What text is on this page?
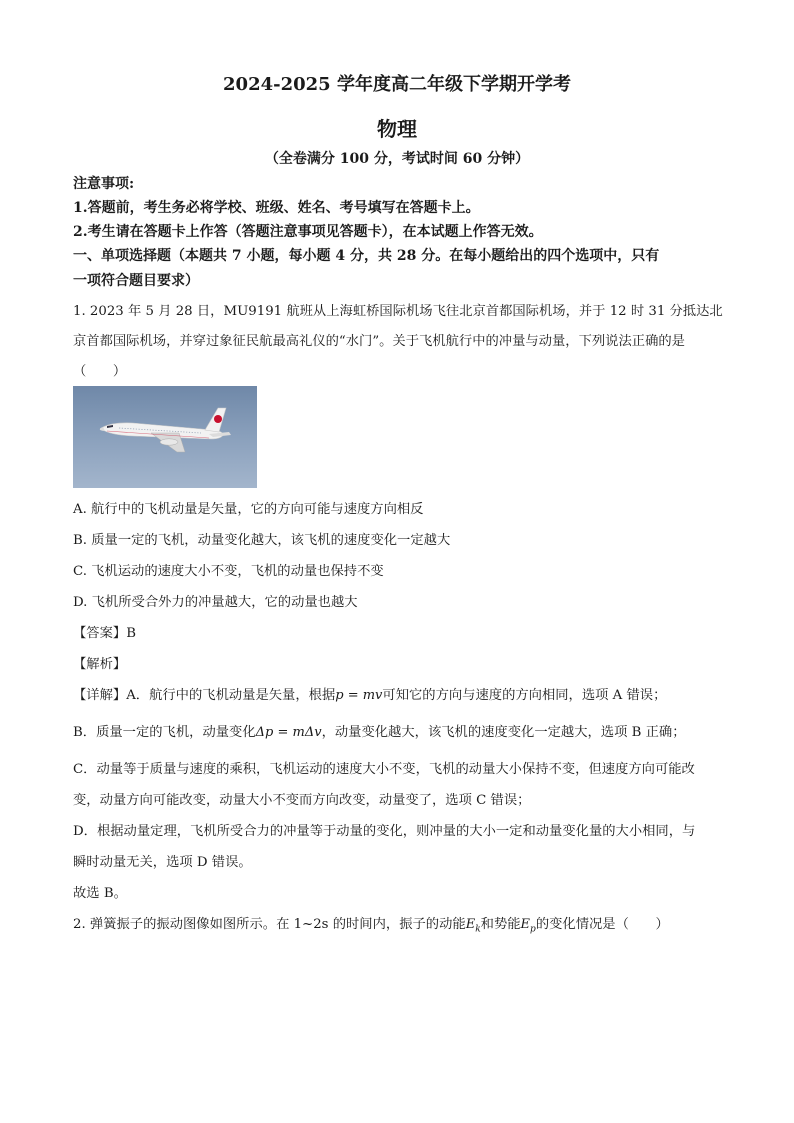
2024-2025 学年度高二年级下学期开学考
物理
（全卷满分 100 分，考试时间 60 分钟）
注意事项:
1.答题前，考生务必将学校、班级、姓名、考号填写在答题卡上。
2.考生请在答题卡上作答（答题注意事项见答题卡），在本试题上作答无效。
一、单项选择题（本题共 7 小题，每小题 4 分，共 28 分。在每小题给出的四个选项中，只有
一项符合题目要求）
1. 2023 年 5 月 28 日，MU9191 航班从上海虹桥国际机场飞往北京首都国际机场，并于 12 时 31 分抵达北
京首都国际机场，并穿过象征民航最高礼仪的“水门”。关于飞机航行中的冲量与动量，下列说法正确的是
（　　）
A. 航行中的飞机动量是矢量，它的方向可能与速度方向相反
B. 质量一定的飞机，动量变化越大，该飞机的速度变化一定越大
C. 飞机运动的速度大小不变，飞机的动量也保持不变
D. 飞机所受合外力的冲量越大，它的动量也越大
【答案】B
【解析】
【详解】A．航行中的飞机动量是矢量，根据p = mv可知它的方向与速度的方向相同，选项 A 错误；
B．质量一定的飞机，动量变化Δp = mΔv，动量变化越大，该飞机的速度变化一定越大，选项 B 正确；
C．动量等于质量与速度的乘积，飞机运动的速度大小不变，飞机的动量大小保持不变，但速度方向可能改
变，动量方向可能改变，动量大小不变而方向改变，动量变了，选项 C 错误；
D．根据动量定理，飞机所受合力的冲量等于动量的变化，则冲量的大小一定和动量变化量的大小相同，与
瞬时动量无关，选项 D 错误。
故选 B。
2. 弹簧振子的振动图像如图所示。在 1~2s 的时间内，振子的动能$E_k$和势能$E_p$的变化情况是（　　）
